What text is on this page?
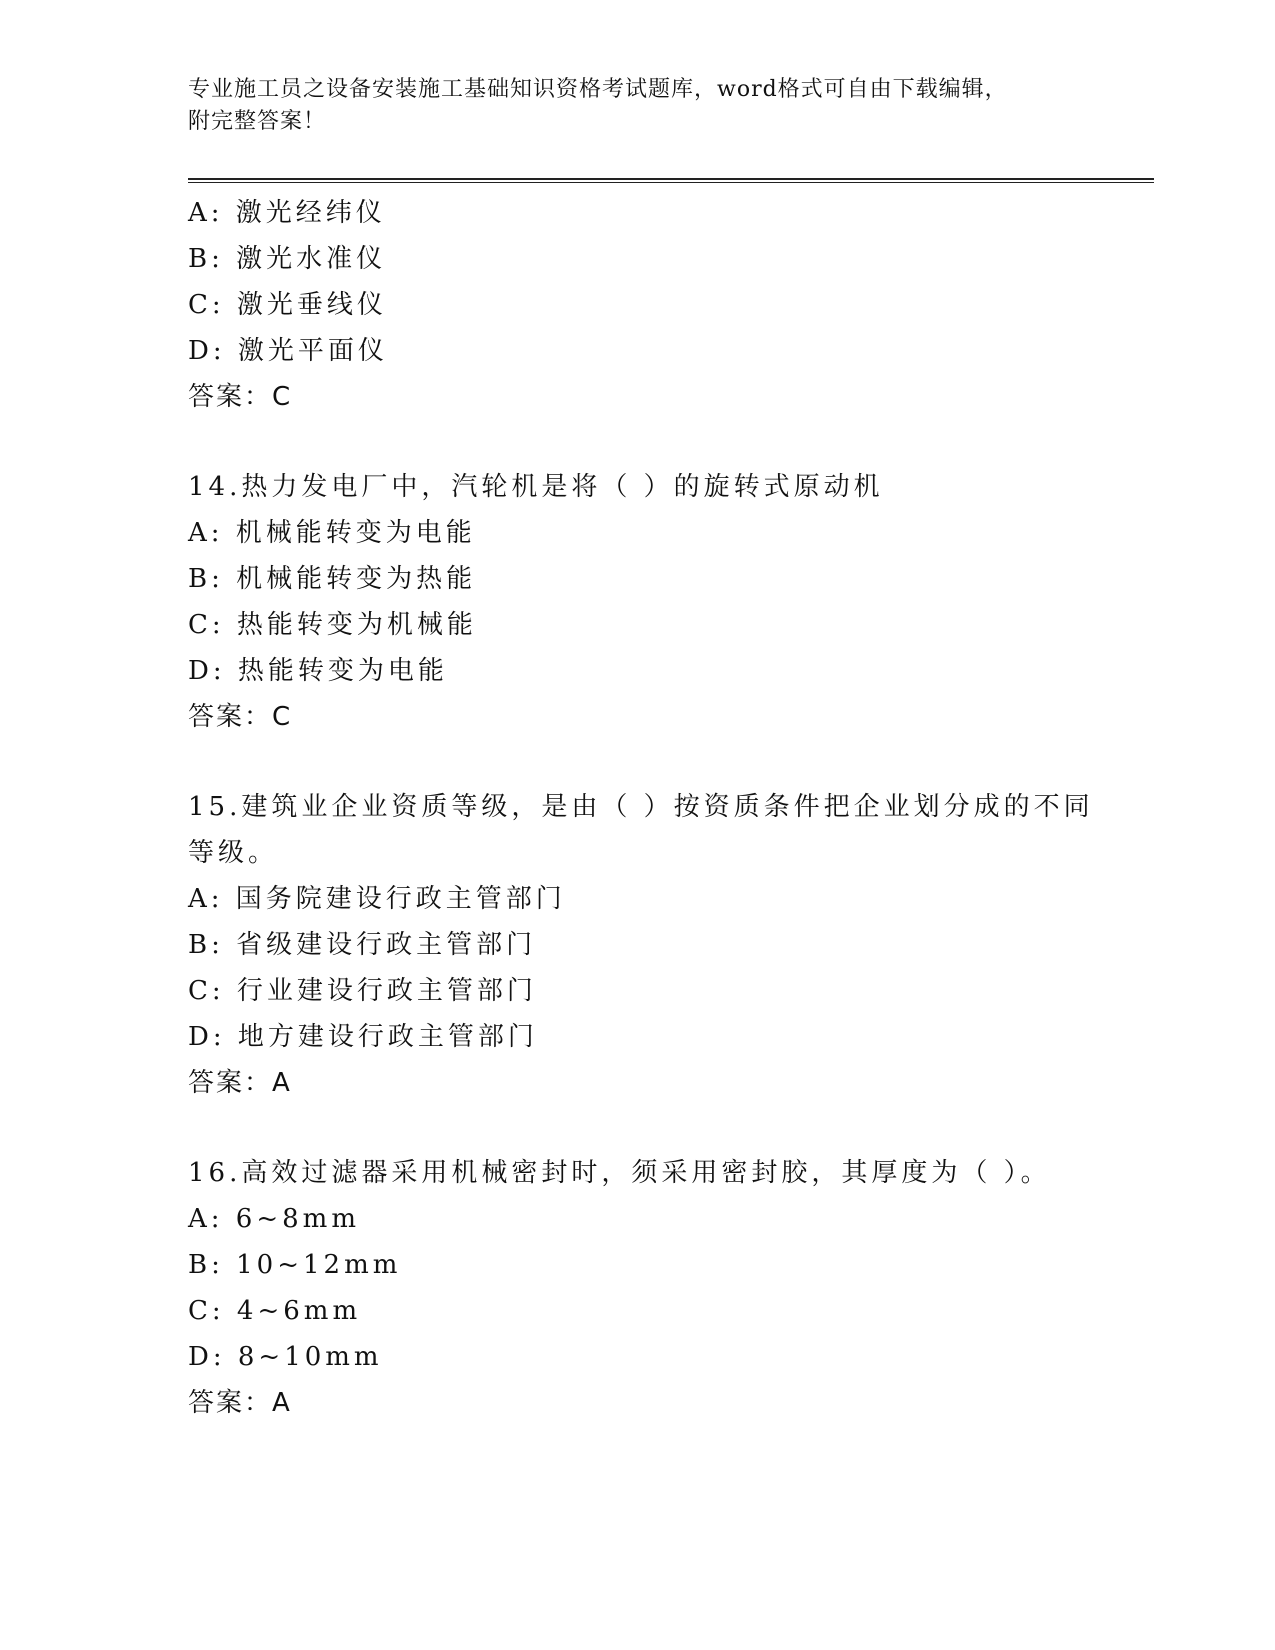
专业施工员之设备安装施工基础知识资格考试题库，word格式可自由下载编辑，
附完整答案！
A: 激光经纬仪
B: 激光水准仪
C: 激光垂线仪
D: 激光平面仪
答案：C
14.热力发电厂中，汽轮机是将（ ）的旋转式原动机
A: 机械能转变为电能
B: 机械能转变为热能
C: 热能转变为机械能
D: 热能转变为电能
答案：C
15.建筑业企业资质等级，是由（ ）按资质条件把企业划分成的不同
等级。
A: 国务院建设行政主管部门
B: 省级建设行政主管部门
C: 行业建设行政主管部门
D: 地方建设行政主管部门
答案：A
16.高效过滤器采用机械密封时，须采用密封胶，其厚度为（ ）。
A: 6~8mm
B: 10~12mm
C: 4~6mm
D: 8~10mm
答案：A
